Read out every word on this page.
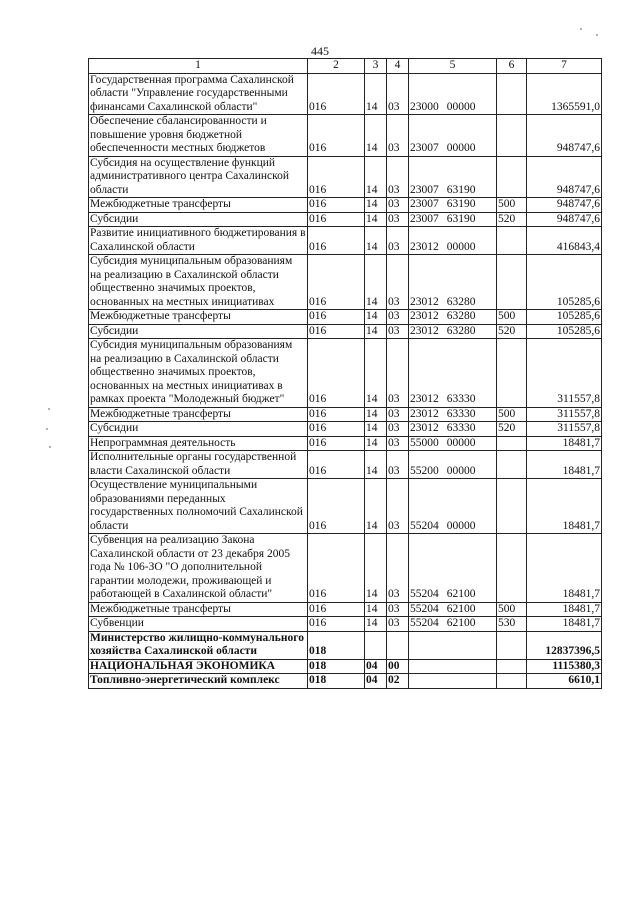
445
1	2	3	4	5	6	7
Государственная программа Сахалинской области "Управление государственными финансами Сахалинской области"	016	14	03	23000 00000		1365591,0
Обеспечение сбалансированности и повышение уровня бюджетной обеспеченности местных бюджетов	016	14	03	23007 00000		948747,6
Субсидия на осуществление функций административного центра Сахалинской области	016	14	03	23007 63190		948747,6
Межбюджетные трансферты	016	14	03	23007 63190	500	948747,6
Субсидии	016	14	03	23007 63190	520	948747,6
Развитие инициативного бюджетирования в Сахалинской области	016	14	03	23012 00000		416843,4
Субсидия муниципальным образованиям на реализацию в Сахалинской области общественно значимых проектов, основанных на местных инициативах	016	14	03	23012 63280		105285,6
Межбюджетные трансферты	016	14	03	23012 63280	500	105285,6
Субсидии	016	14	03	23012 63280	520	105285,6
Субсидия муниципальным образованиям на реализацию в Сахалинской области общественно значимых проектов, основанных на местных инициативах в рамках проекта "Молодежный бюджет"	016	14	03	23012 63330		311557,8
Межбюджетные трансферты	016	14	03	23012 63330	500	311557,8
Субсидии	016	14	03	23012 63330	520	311557,8
Непрограммная деятельность	016	14	03	55000 00000		18481,7
Исполнительные органы государственной власти Сахалинской области	016	14	03	55200 00000		18481,7
Осуществление муниципальными образованиями переданных государственных полномочий Сахалинской области	016	14	03	55204 00000		18481,7
Субвенция на реализацию Закона Сахалинской области от 23 декабря 2005 года № 106-ЗО "О дополнительной гарантии молодежи, проживающей и работающей в Сахалинской области"	016	14	03	55204 62100		18481,7
Межбюджетные трансферты	016	14	03	55204 62100	500	18481,7
Субвенции	016	14	03	55204 62100	530	18481,7
Министерство жилищно-коммунального хозяйства Сахалинской области	018					12837396,5
НАЦИОНАЛЬНАЯ ЭКОНОМИКА	018	04	00			1115380,3
Топливно-энергетический комплекс	018	04	02			6610,1
